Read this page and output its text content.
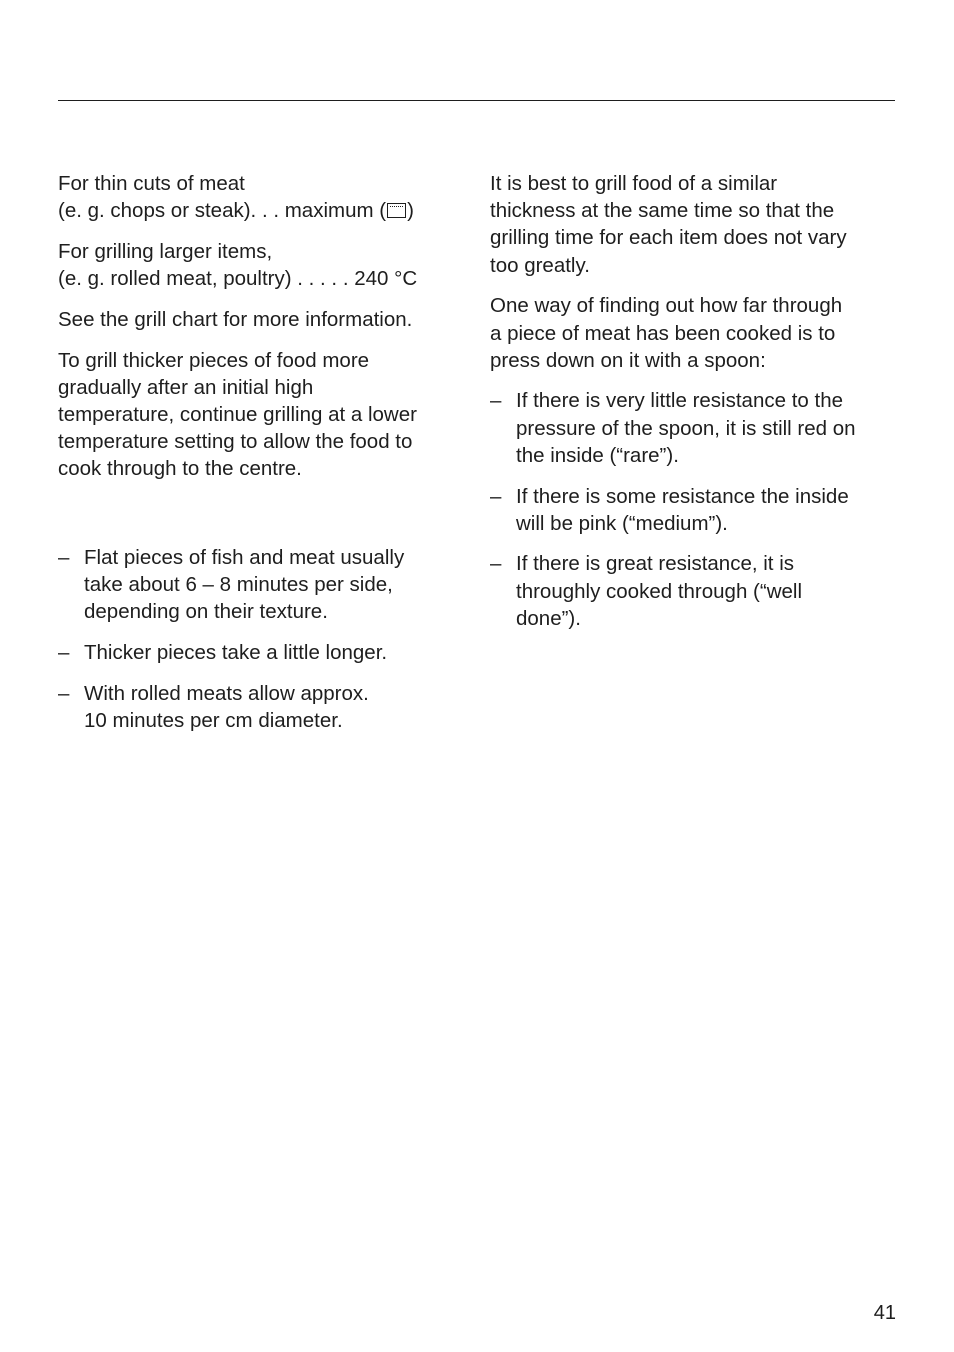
For thin cuts of meat
(e. g. chops or steak). . . maximum ( )

For grilling larger items,
(e. g. rolled meat, poultry) . . . . . 240 °C

See the grill chart for more information.

To grill thicker pieces of food more
gradually after an initial high
temperature, continue grilling at a lower
temperature setting to allow the food to
cook through to the centre.

– Flat pieces of fish and meat usually
take about 6 – 8 minutes per side,
depending on their texture.
– Thicker pieces take a little longer.
– With rolled meats allow approx.
10 minutes per cm diameter.

It is best to grill food of a similar
thickness at the same time so that the
grilling time for each item does not vary
too greatly.

One way of finding out how far through
a piece of meat has been cooked is to
press down on it with a spoon:

– If there is very little resistance to the
pressure of the spoon, it is still red on
the inside (“rare”).
– If there is some resistance the inside
will be pink (“medium”).
– If there is great resistance, it is
throughly cooked through (“well
done”).
41
